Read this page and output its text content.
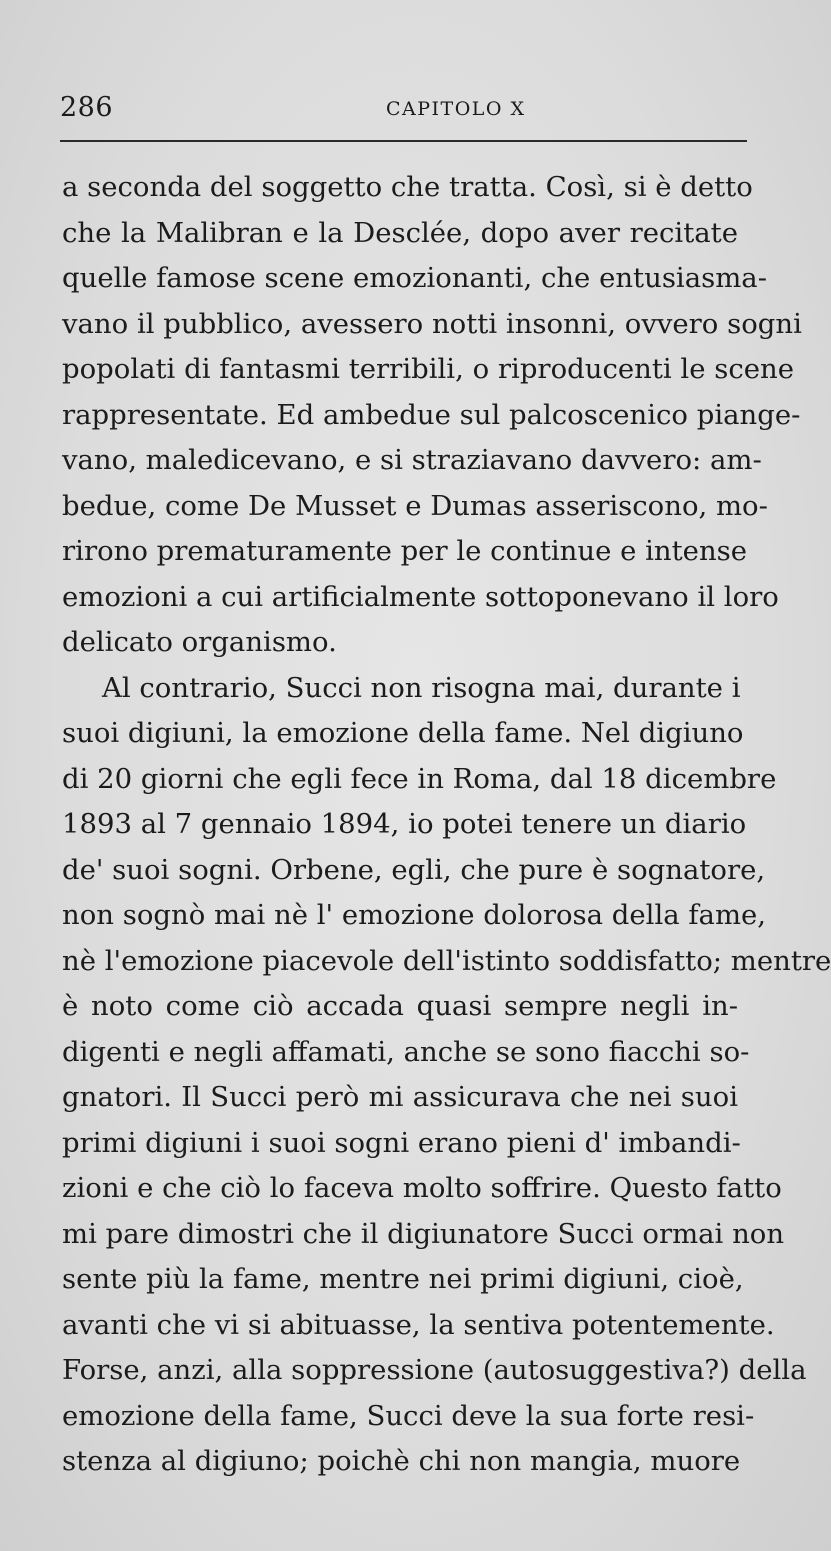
286	CAPITOLO X
a seconda del soggetto che tratta. Così, si è detto
che la Malibran e la Desclée, dopo aver recitate
quelle famose scene emozionanti, che entusiasma-
vano il pubblico, avessero notti insonni, ovvero sogni
popolati di fantasmi terribili, o riproducenti le scene
rappresentate. Ed ambedue sul palcoscenico piange-
vano, maledicevano, e si straziavano davvero: am-
bedue, come De Musset e Dumas asseriscono, mo-
rirono prematuramente per le continue e intense
emozioni a cui artificialmente sottoponevano il loro
delicato organismo.
Al contrario, Succi non risogna mai, durante i
suoi digiuni, la emozione della fame. Nel digiuno
di 20 giorni che egli fece in Roma, dal 18 dicembre
1893 al 7 gennaio 1894, io potei tenere un diario
de' suoi sogni. Orbene, egli, che pure è sognatore,
non sognò mai nè l' emozione dolorosa della fame,
nè l'emozione piacevole dell'istinto soddisfatto; mentre
è noto come ciò accada quasi sempre negli in-
digenti e negli affamati, anche se sono fiacchi so-
gnatori. Il Succi però mi assicurava che nei suoi
primi digiuni i suoi sogni erano pieni d' imbandi-
zioni e che ciò lo faceva molto soffrire. Questo fatto
mi pare dimostri che il digiunatore Succi ormai non
sente più la fame, mentre nei primi digiuni, cioè,
avanti che vi si abituasse, la sentiva potentemente.
Forse, anzi, alla soppressione (autosuggestiva?) della
emozione della fame, Succi deve la sua forte resi-
stenza al digiuno; poichè chi non mangia, muore
